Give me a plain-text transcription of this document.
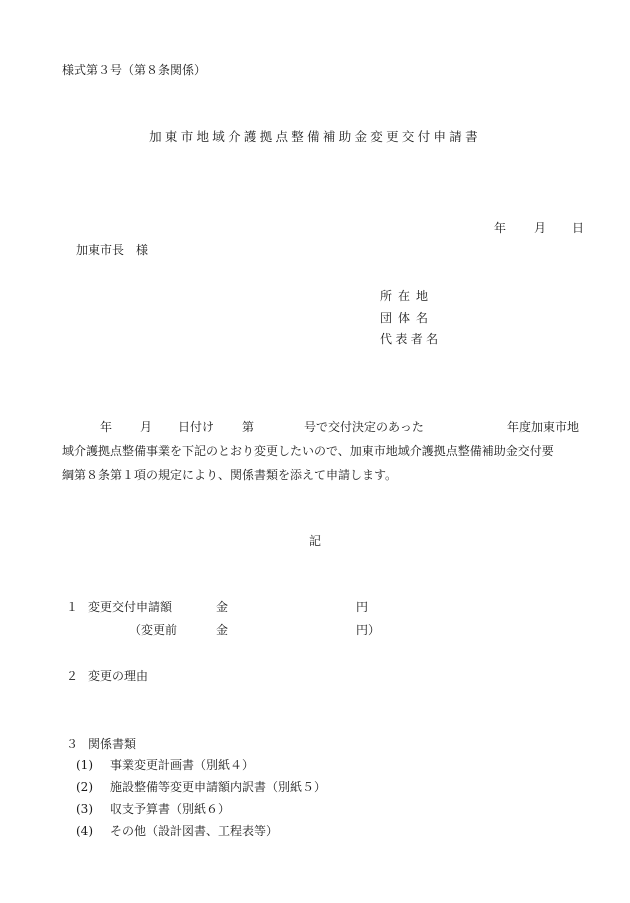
様式第３号（第８条関係）
加東市地域介護拠点整備補助金変更交付申請書
年 月 日
加東市長　様
所在地
団体名
代表者名
年 月 日付け 第	号で交付決定のあった	年度加東市地
域介護拠点整備事業を下記のとおり変更したいので、加東市地域介護拠点整備補助金交付要
綱第８条第１項の規定により、関係書類を添えて申請します。
記
１ 変更交付申請額	金	円
（変更前	金	円）
２ 変更の理由
３ 関係書類
(1) 事業変更計画書（別紙４）
(2) 施設整備等変更申請額内訳書（別紙５）
(3) 収支予算書（別紙６）
(4) その他（設計図書、工程表等）
